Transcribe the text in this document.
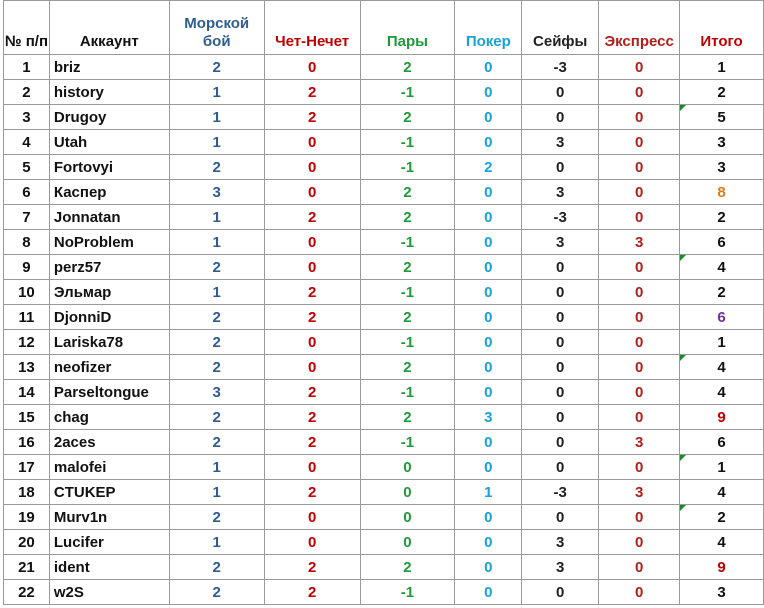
№ п/п	Аккаунт	Морской бой	Чет-Нечет	Пары	Покер	Сейфы	Экспресс	Итого
1	briz	2	0	2	0	-3	0	1
2	history	1	2	-1	0	0	0	2
3	Drugoy	1	2	2	0	0	0	5
4	Utah	1	0	-1	0	3	0	3
5	Fortovyi	2	0	-1	2	0	0	3
6	Каспер	3	0	2	0	3	0	8
7	Jonnatan	1	2	2	0	-3	0	2
8	NoProblem	1	0	-1	0	3	3	6
9	perz57	2	0	2	0	0	0	4
10	Эльмар	1	2	-1	0	0	0	2
11	DjonniD	2	2	2	0	0	0	6
12	Lariska78	2	0	-1	0	0	0	1
13	neofizer	2	0	2	0	0	0	4
14	Parseltongue	3	2	-1	0	0	0	4
15	chag	2	2	2	3	0	0	9
16	2aces	2	2	-1	0	0	3	6
17	malofei	1	0	0	0	0	0	1
18	CTUKEP	1	2	0	1	-3	3	4
19	Murv1n	2	0	0	0	0	0	2
20	Lucifer	1	0	0	0	3	0	4
21	ident	2	2	2	0	3	0	9
22	w2S	2	2	-1	0	0	0	3
